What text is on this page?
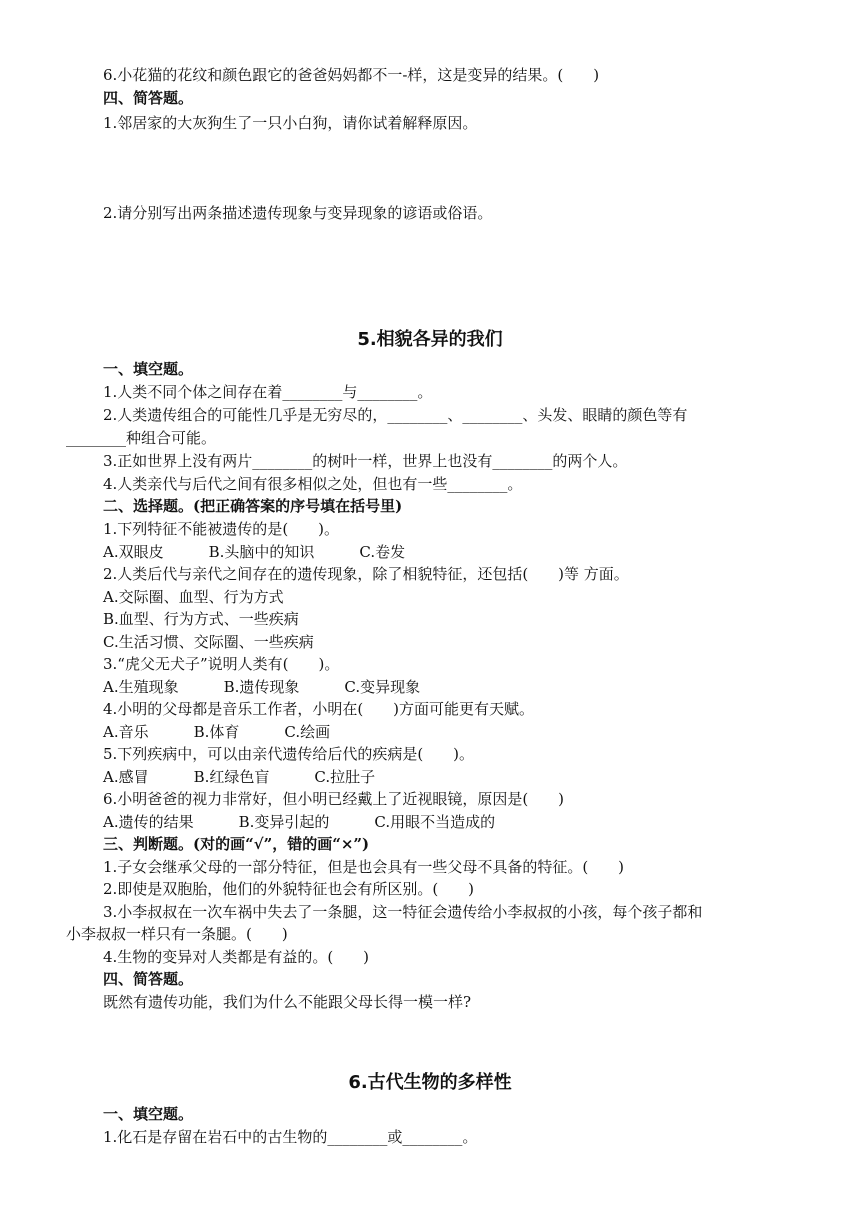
6.小花猫的花纹和颜色跟它的爸爸妈妈都不一-样，这是变异的结果。(　　)
四、简答题。
1.邻居家的大灰狗生了一只小白狗，请你试着解释原因。
2.请分别写出两条描述遗传现象与变异现象的谚语或俗语。
5.相貌各异的我们
一、填空题。
1.人类不同个体之间存在着________与________。
2.人类遗传组合的可能性几乎是无穷尽的，________、________、头发、眼睛的颜色等有
________种组合可能。
3.正如世界上没有两片________的树叶一样，世界上也没有________的两个人。
4.人类亲代与后代之间有很多相似之处，但也有一些________。
二、选择题。(把正确答案的序号填在括号里)
1.下列特征不能被遗传的是(　　)。
A.双眼皮　　　B.头脑中的知识　　　C.卷发
2.人类后代与亲代之间存在的遗传现象，除了相貌特征，还包括(　　)等 方面。
A.交际圈、血型、行为方式
B.血型、行为方式、一些疾病
C.生活习惯、交际圈、一些疾病
3.“虎父无犬子”说明人类有(　　)。
A.生殖现象　　　B.遗传现象　　　C.变异现象
4.小明的父母都是音乐工作者，小明在(　　)方面可能更有天赋。
A.音乐　　　B.体育　　　C.绘画
5.下列疾病中，可以由亲代遗传给后代的疾病是(　　)。
A.感冒　　　B.红绿色盲　　　C.拉肚子
6.小明爸爸的视力非常好，但小明已经戴上了近视眼镜，原因是(　　)
A.遗传的结果　　　B.变异引起的　　　C.用眼不当造成的
三、判断题。(对的画“√”，错的画“×”)
1.子女会继承父母的一部分特征，但是也会具有一些父母不具备的特征。(　　)
2.即使是双胞胎，他们的外貌特征也会有所区别。(　　)
3.小李叔叔在一次车祸中失去了一条腿，这一特征会遗传给小李叔叔的小孩，每个孩子都和
小李叔叔一样只有一条腿。(　　)
4.生物的变异对人类都是有益的。(　　)
四、简答题。
既然有遗传功能，我们为什么不能跟父母长得一模一样?
6.古代生物的多样性
一、填空题。
1.化石是存留在岩石中的古生物的________或________。
